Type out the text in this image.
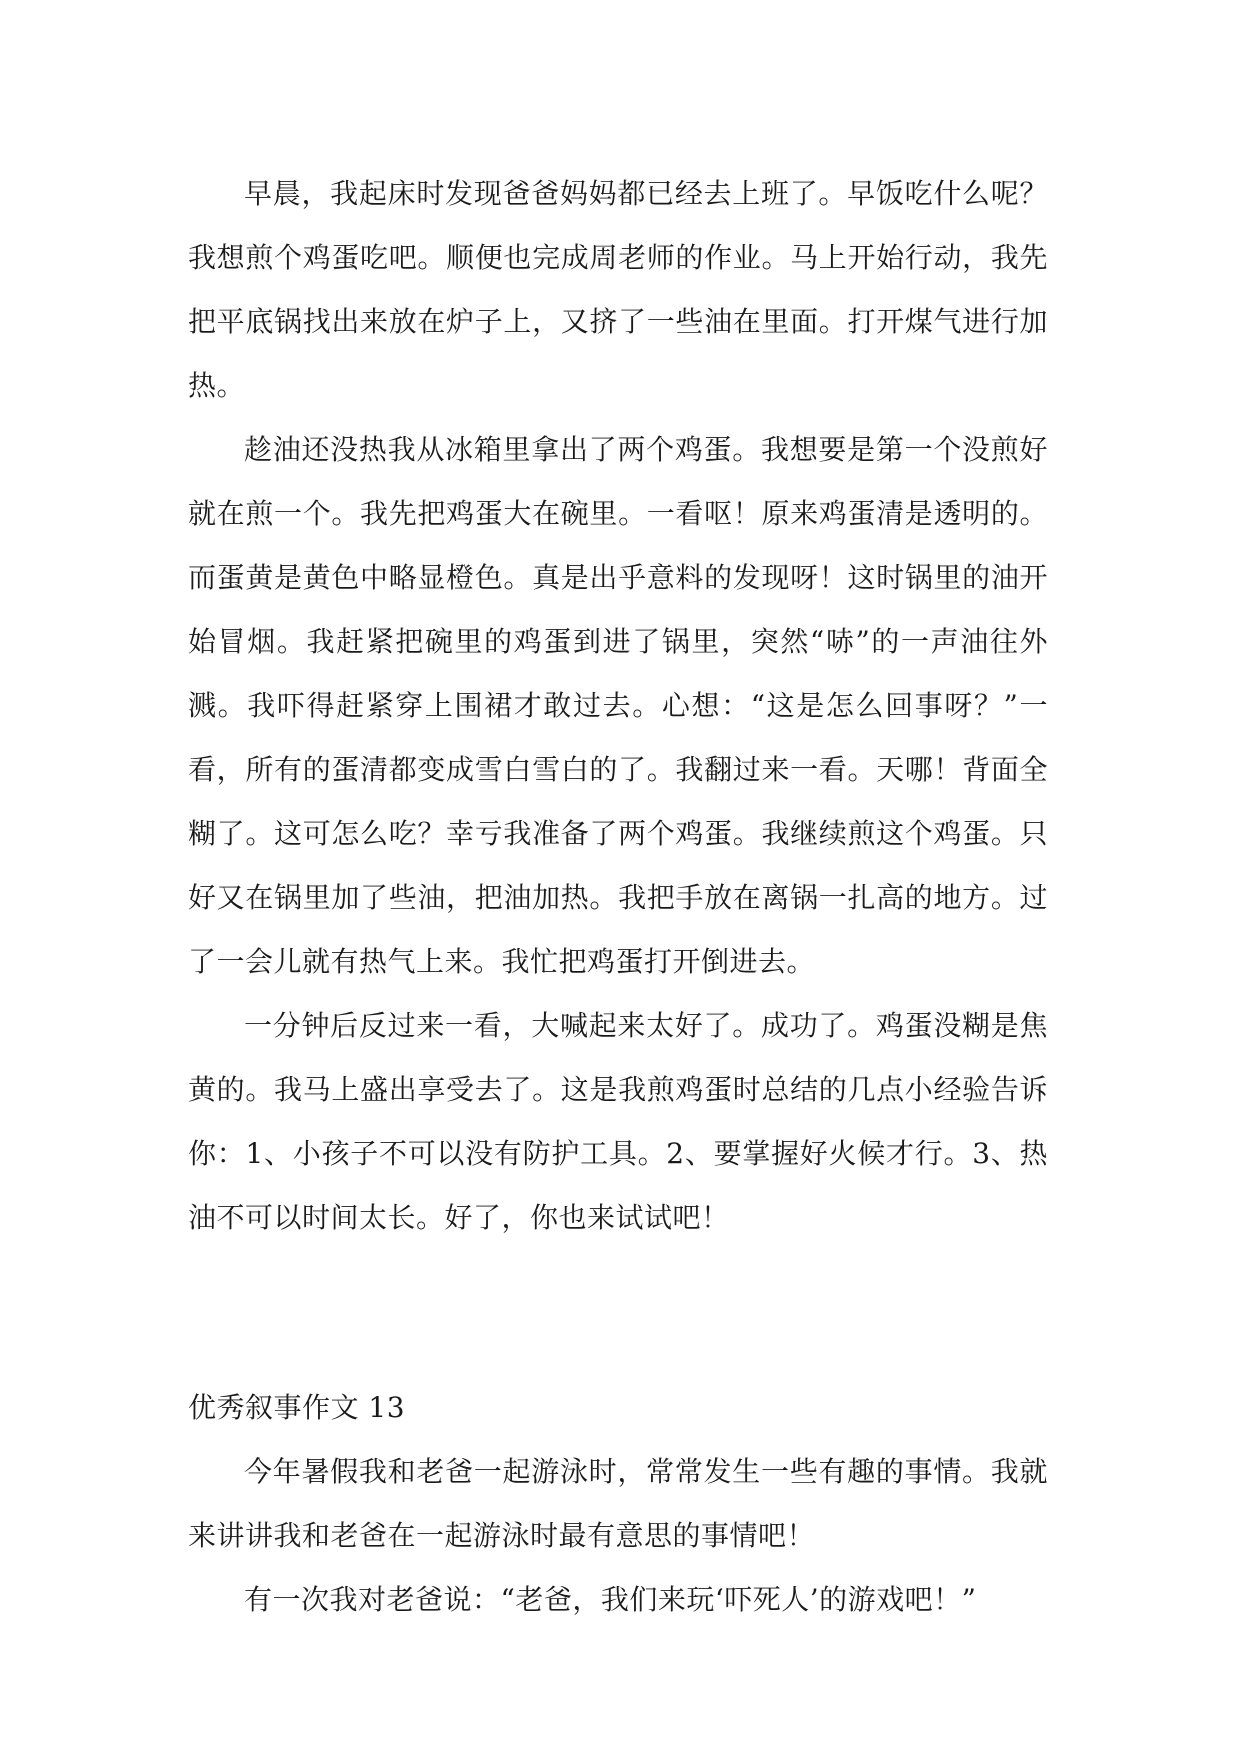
早晨，我起床时发现爸爸妈妈都已经去上班了。早饭吃什么呢？我想煎个鸡蛋吃吧。顺便也完成周老师的作业。马上开始行动，我先把平底锅找出来放在炉子上，又挤了一些油在里面。打开煤气进行加热。

趁油还没热我从冰箱里拿出了两个鸡蛋。我想要是第一个没煎好就在煎一个。我先把鸡蛋大在碗里。一看呕！原来鸡蛋清是透明的。而蛋黄是黄色中略显橙色。真是出乎意料的发现呀！这时锅里的油开始冒烟。我赶紧把碗里的鸡蛋到进了锅里，突然“哧”的一声油往外溅。我吓得赶紧穿上围裙才敢过去。心想：“这是怎么回事呀？”一看，所有的蛋清都变成雪白雪白的了。我翻过来一看。天哪！背面全糊了。这可怎么吃？幸亏我准备了两个鸡蛋。我继续煎这个鸡蛋。只好又在锅里加了些油，把油加热。我把手放在离锅一扎高的地方。过了一会儿就有热气上来。我忙把鸡蛋打开倒进去。

一分钟后反过来一看，大喊起来太好了。成功了。鸡蛋没糊是焦黄的。我马上盛出享受去了。这是我煎鸡蛋时总结的几点小经验告诉你：1、小孩子不可以没有防护工具。2、要掌握好火候才行。3、热油不可以时间太长。好了，你也来试试吧！

优秀叙事作文 13

今年暑假我和老爸一起游泳时，常常发生一些有趣的事情。我就来讲讲我和老爸在一起游泳时最有意思的事情吧！

有一次我对老爸说：“老爸，我们来玩‘吓死人’的游戏吧！”
